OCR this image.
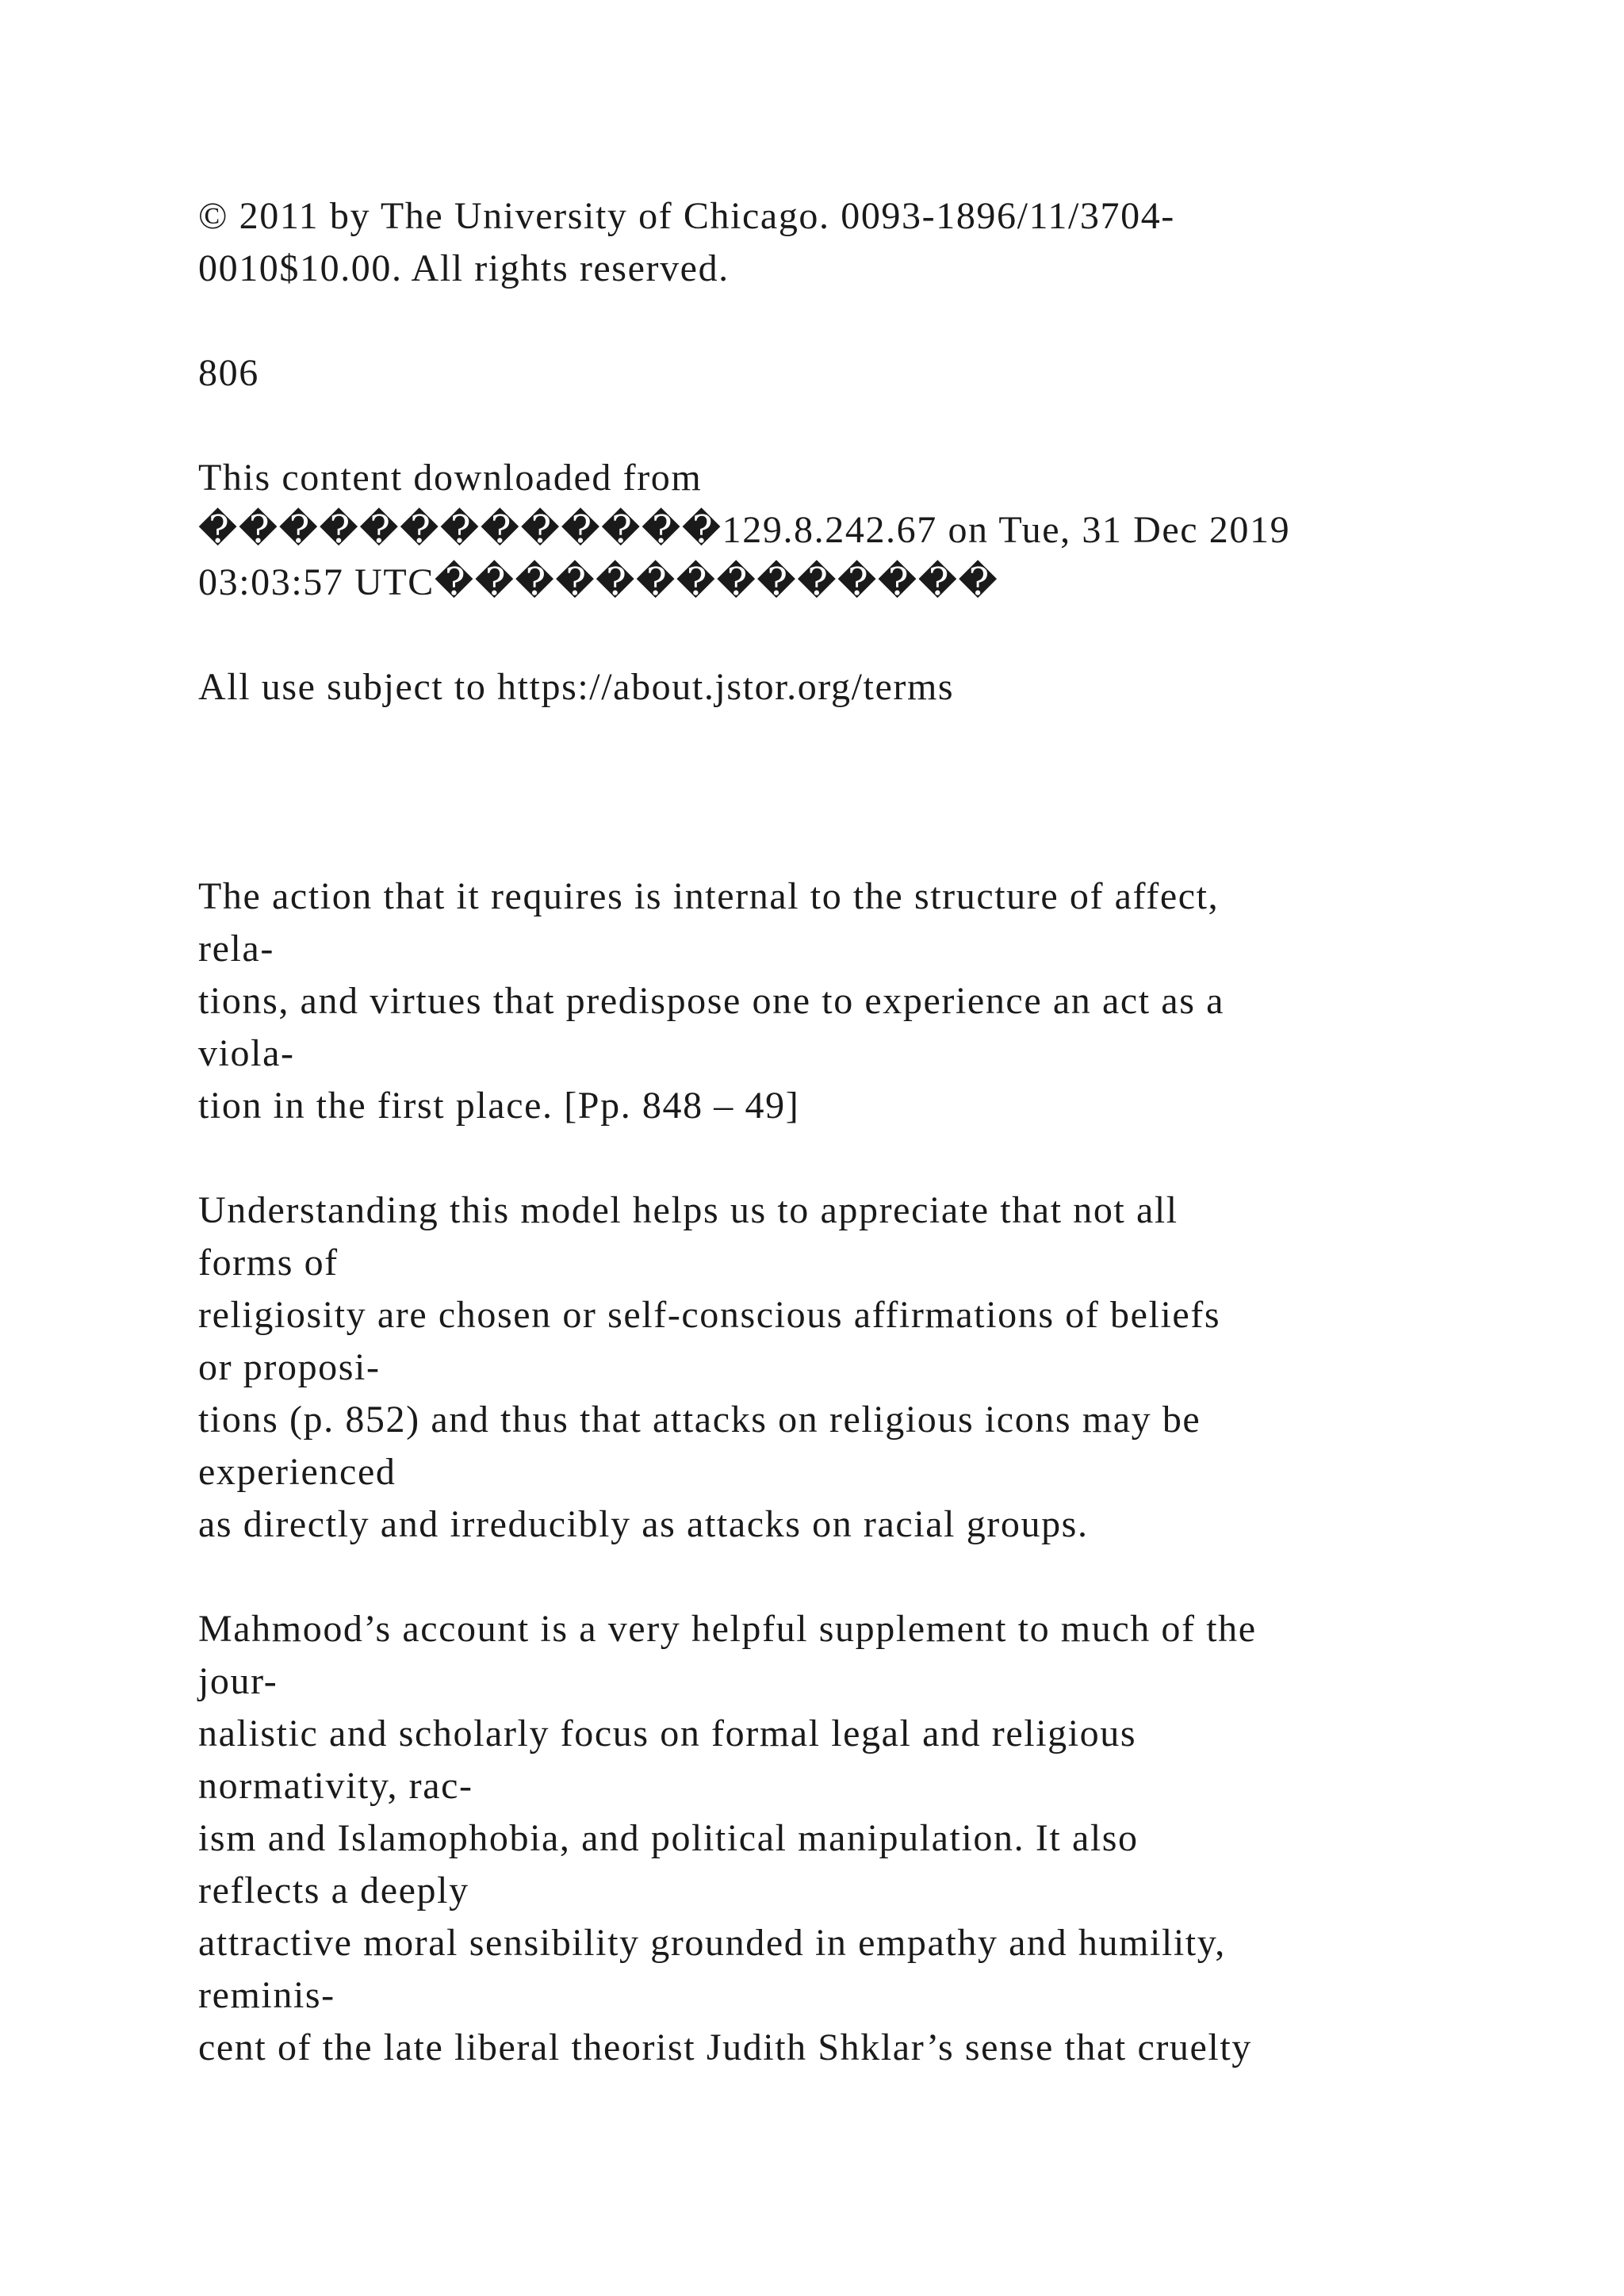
© 2011 by The University of Chicago. 0093-1896/11/3704-
0010$10.00. All rights reserved.
806
This content downloaded from
�������������129.8.242.67 on Tue, 31 Dec 2019
03:03:57 UTC��������������
All use subject to https://about.jstor.org/terms
The action that it requires is internal to the structure of affect,
rela-
tions, and virtues that predispose one to experience an act as a
viola-
tion in the first place. [Pp. 848 – 49]
Understanding this model helps us to appreciate that not all
forms of
religiosity are chosen or self-conscious affirmations of beliefs
or proposi-
tions (p. 852) and thus that attacks on religious icons may be
experienced
as directly and irreducibly as attacks on racial groups.
Mahmood’s account is a very helpful supplement to much of the
jour-
nalistic and scholarly focus on formal legal and religious
normativity, rac-
ism and Islamophobia, and political manipulation. It also
reflects a deeply
attractive moral sensibility grounded in empathy and humility,
reminis-
cent of the late liberal theorist Judith Shklar’s sense that cruelty
